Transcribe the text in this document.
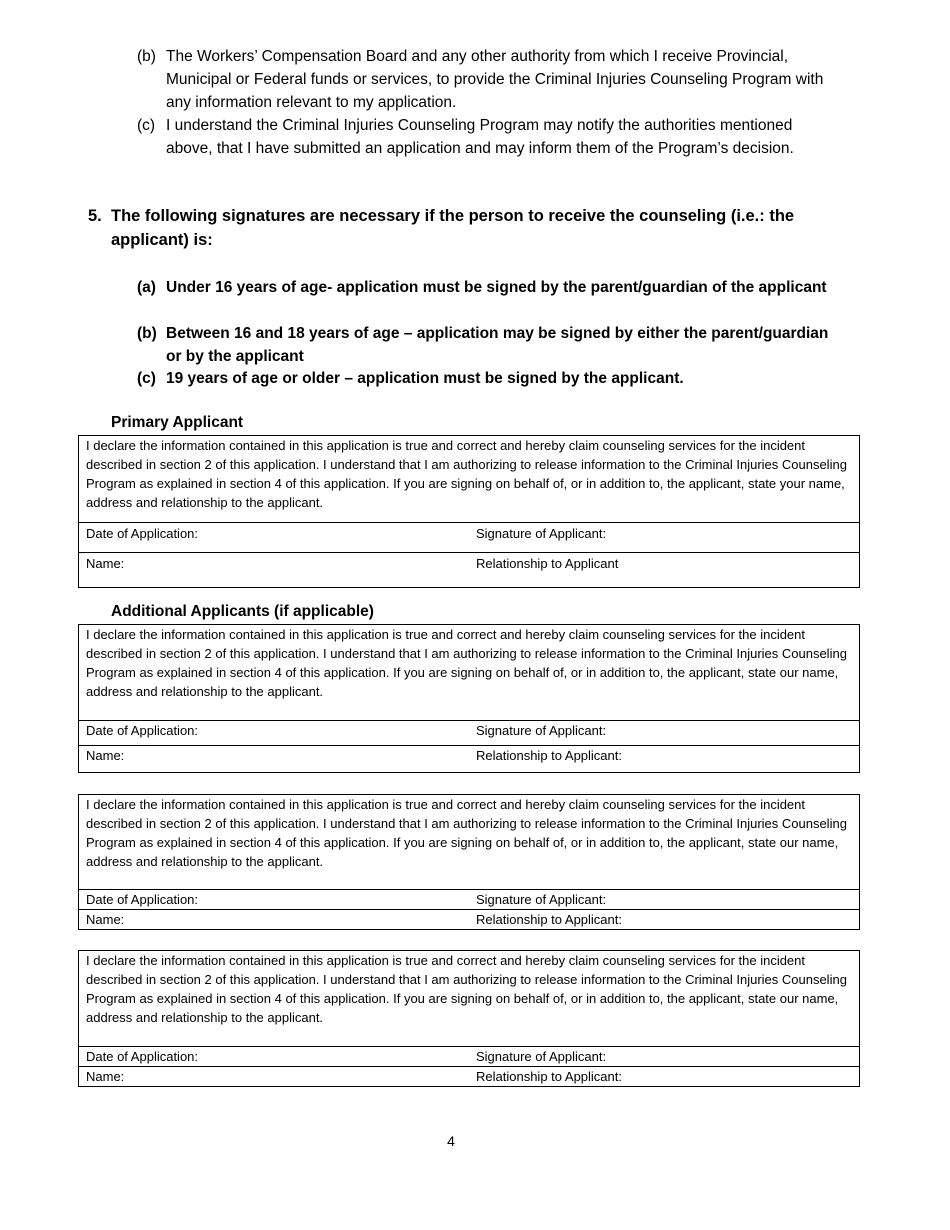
(b) The Workers’ Compensation Board and any other authority from which I receive Provincial, Municipal or Federal funds or services, to provide the Criminal Injuries Counseling Program with any information relevant to my application.
(c) I understand the Criminal Injuries Counseling Program may notify the authorities mentioned above, that I have submitted an application and may inform them of the Program’s decision.
5. The following signatures are necessary if the person to receive the counseling (i.e.: the applicant) is:
(a) Under 16 years of age- application must be signed by the parent/guardian of the applicant
(b) Between 16 and 18 years of age – application may be signed by either the parent/guardian or by the applicant
(c) 19 years of age or older – application must be signed by the applicant.
Primary Applicant
I declare the information contained in this application is true and correct and hereby claim counseling services for the incident described in section 2 of this application. I understand that I am authorizing to release information to the Criminal Injuries Counseling Program as explained in section 4 of this application. If you are signing on behalf of, or in addition to, the applicant, state your name, address and relationship to the applicant.	
Date of Application:	Signature of Applicant:
Name:	Relationship to Applicant
Additional Applicants (if applicable)
I declare the information contained in this application is true and correct and hereby claim counseling services for the incident described in section 2 of this application. I understand that I am authorizing to release information to the Criminal Injuries Counseling Program as explained in section 4 of this application. If you are signing on behalf of, or in addition to, the applicant, state our name, address and relationship to the applicant.	
Date of Application:	Signature of Applicant:
Name:	Relationship to Applicant:
I declare the information contained in this application is true and correct and hereby claim counseling services for the incident described in section 2 of this application. I understand that I am authorizing to release information to the Criminal Injuries Counseling Program as explained in section 4 of this application. If you are signing on behalf of, or in addition to, the applicant, state our name, address and relationship to the applicant.	
Date of Application:	Signature of Applicant:
Name:	Relationship to Applicant:
I declare the information contained in this application is true and correct and hereby claim counseling services for the incident described in section 2 of this application. I understand that I am authorizing to release information to the Criminal Injuries Counseling Program as explained in section 4 of this application. If you are signing on behalf of, or in addition to, the applicant, state our name, address and relationship to the applicant.	
Date of Application:	Signature of Applicant:
Name:	Relationship to Applicant:
4
